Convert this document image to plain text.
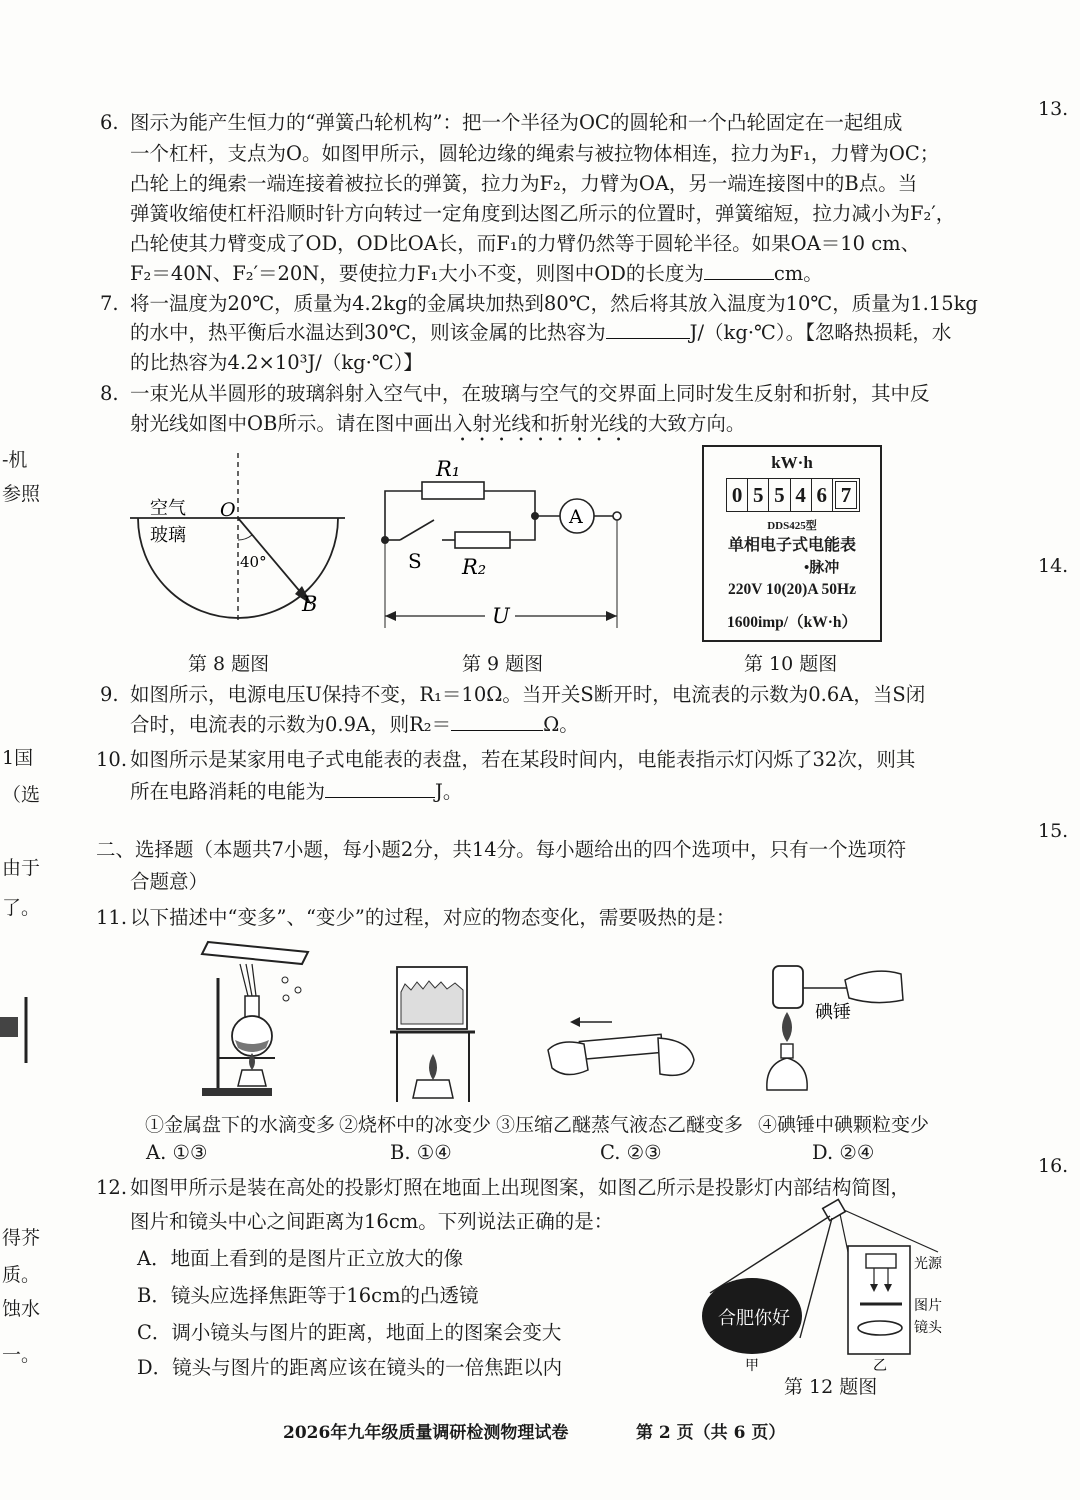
13.
14.
15.
16.
-机
参照
1国
（选
由于
了。
得芥
质。
蚀水
一。
6. 图示为能产生恒力的“弹簧凸轮机构”：把一个半径为OC的圆轮和一个凸轮固定在一起组成
一个杠杆，支点为O。如图甲所示，圆轮边缘的绳索与被拉物体相连，拉力为F₁，力臂为OC；
凸轮上的绳索一端连接着被拉长的弹簧，拉力为F₂，力臂为OA，另一端连接图中的B点。当
弹簧收缩使杠杆沿顺时针方向转过一定角度到达图乙所示的位置时，弹簧缩短，拉力减小为F₂′，
凸轮使其力臂变成了OD，OD比OA长，而F₁的力臂仍然等于圆轮半径。如果OA＝10 cm、
F₂＝40N、F₂′＝20N，要使拉力F₁大小不变，则图中OD的长度为	cm。
7. 将一温度为20℃，质量为4.2kg的金属块加热到80℃，然后将其放入温度为10℃，质量为1.15kg
的水中，热平衡后水温达到30℃，则该金属的比热容为	J/（kg·℃）。【忽略热损耗，水
的比热容为4.2×10³J/（kg·℃）】
8. 一束光从半圆形的玻璃斜射入空气中，在玻璃与空气的交界面上同时发生反射和折射，其中反
射光线如图中OB所示。请在图中画出入射光线和折射光线的大致方向。
空气
玻璃
O
40°
B
第 8 题图
R₁
R₂
S
A
U
第 9 题图
kW·h
0 5 5 4 6 7
DDS425型
单相电子式电能表
•脉冲
220V 10(20)A 50Hz
1600imp/（kW·h）
第 10 题图
9. 如图所示，电源电压U保持不变，R₁＝10Ω。当开关S断开时，电流表的示数为0.6A，当S闭
合时，电流表的示数为0.9A，则R₂＝	Ω。
10. 如图所示是某家用电子式电能表的表盘，若在某段时间内，电能表指示灯闪烁了32次，则其
所在电路消耗的电能为	J。
二、选择题（本题共7小题，每小题2分，共14分。每小题给出的四个选项中，只有一个选项符
合题意）
11. 以下描述中“变多”、“变少”的过程，对应的物态变化，需要吸热的是：
碘锤
①金属盘下的水滴变多 ②烧杯中的冰变少 ③压缩乙醚蒸气液态乙醚变多 ④碘锤中碘颗粒变少
A. ①③	B. ①④	C. ②③	D. ②④
12. 如图甲所示是装在高处的投影灯照在地面上出现图案，如图乙所示是投影灯内部结构简图，
图片和镜头中心之间距离为16cm。下列说法正确的是：
A．地面上看到的是图片正立放大的像
B．镜头应选择焦距等于16cm的凸透镜
C．调小镜头与图片的距离，地面上的图案会变大
D．镜头与图片的距离应该在镜头的一倍焦距以内
合肥你好
光源
图片
镜头
甲	乙
第 12 题图
2026年九年级质量调研检测物理试卷	第 2 页（共 6 页）
